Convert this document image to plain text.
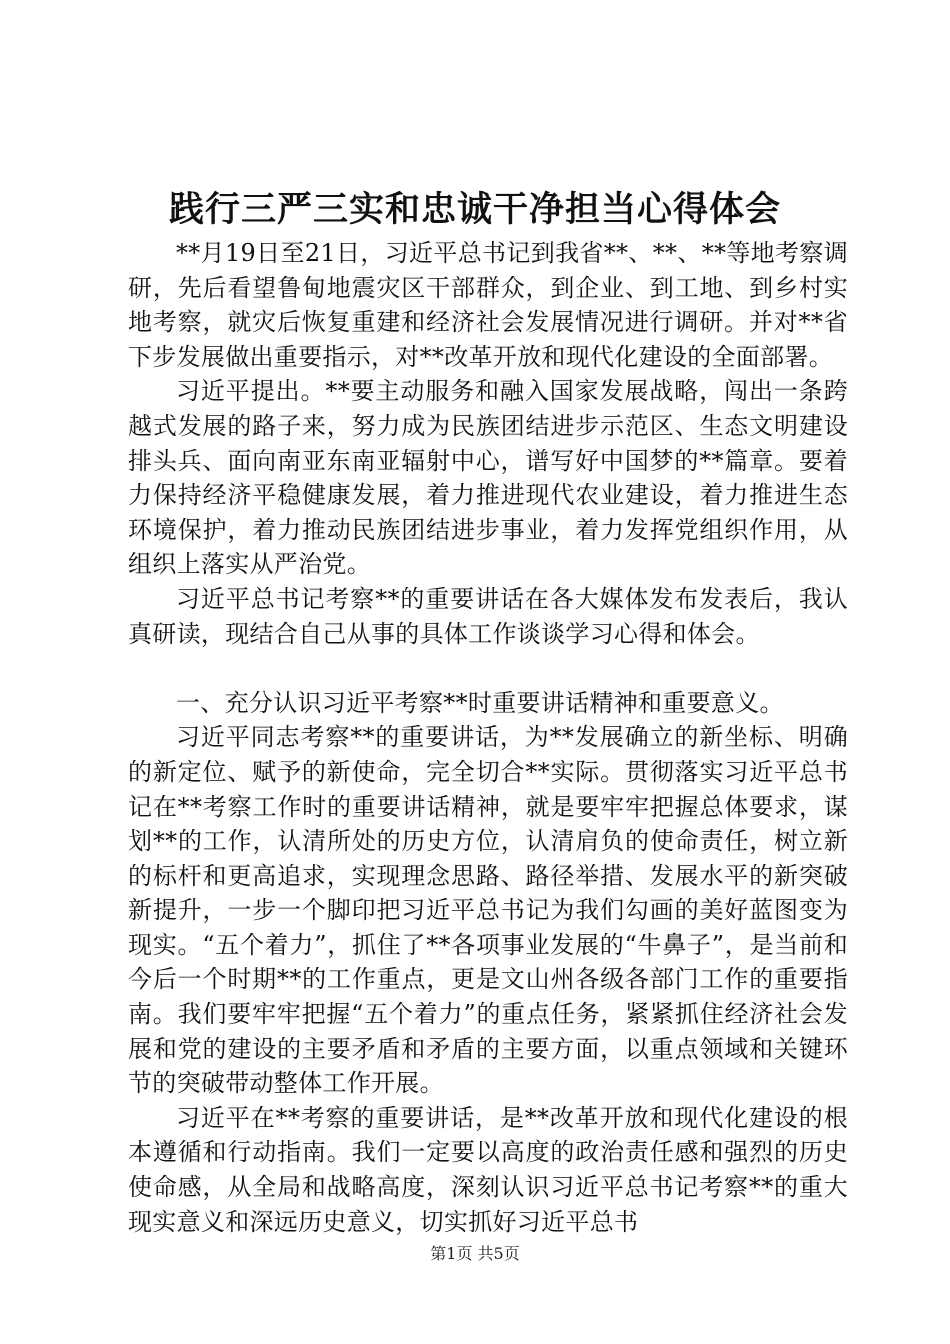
践行三严三实和忠诚干净担当心得体会

**月19日至21日，习近平总书记到我省**、**、**等地考察调研，先后看望鲁甸地震灾区干部群众，到企业、到工地、到乡村实地考察，就灾后恢复重建和经济社会发展情况进行调研。并对**省下步发展做出重要指示，对**改革开放和现代化建设的全面部署。

习近平提出。**要主动服务和融入国家发展战略，闯出一条跨越式发展的路子来，努力成为民族团结进步示范区、生态文明建设排头兵、面向南亚东南亚辐射中心，谱写好中国梦的**篇章。要着力保持经济平稳健康发展，着力推进现代农业建设，着力推进生态环境保护，着力推动民族团结进步事业，着力发挥党组织作用，从组织上落实从严治党。

习近平总书记考察**的重要讲话在各大媒体发布发表后，我认真研读，现结合自己从事的具体工作谈谈学习心得和体会。

一、充分认识习近平考察**时重要讲话精神和重要意义。

习近平同志考察**的重要讲话，为**发展确立的新坐标、明确的新定位、赋予的新使命，完全切合**实际。贯彻落实习近平总书记在**考察工作时的重要讲话精神，就是要牢牢把握总体要求，谋划**的工作，认清所处的历史方位，认清肩负的使命责任，树立新的标杆和更高追求，实现理念思路、路径举措、发展水平的新突破新提升，一步一个脚印把习近平总书记为我们勾画的美好蓝图变为现实。“五个着力”，抓住了**各项事业发展的“牛鼻子”，是当前和今后一个时期**的工作重点，更是文山州各级各部门工作的重要指南。我们要牢牢把握“五个着力”的重点任务，紧紧抓住经济社会发展和党的建设的主要矛盾和矛盾的主要方面，以重点领域和关键环节的突破带动整体工作开展。

习近平在**考察的重要讲话，是**改革开放和现代化建设的根本遵循和行动指南。我们一定要以高度的政治责任感和强烈的历史使命感，从全局和战略高度，深刻认识习近平总书记考察**的重大现实意义和深远历史意义，切实抓好习近平总书

第1页 共5页
